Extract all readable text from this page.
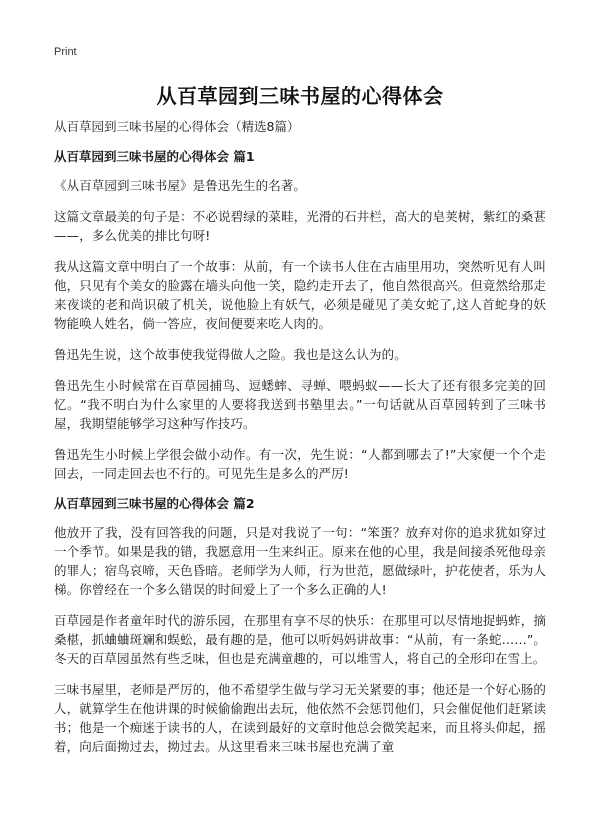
Print
从百草园到三味书屋的心得体会

从百草园到三味书屋的心得体会（精选8篇）

从百草园到三味书屋的心得体会 篇1

《从百草园到三味书屋》是鲁迅先生的名著。

这篇文章最美的句子是：不必说碧绿的菜畦，光滑的石井栏，高大的皂荚树，紫红的桑葚——，多么优美的排比句呀!

我从这篇文章中明白了一个故事：从前，有一个读书人住在古庙里用功，突然听见有人叫他，只见有个美女的脸露在墙头向他一笑，隐约走开去了，他自然很高兴。但竟然给那走来夜谈的老和尚识破了机关，说他脸上有妖气，必须是碰见了美女蛇了,这人首蛇身的妖物能唤人姓名，倘一答应，夜间便要来吃人肉的。

鲁迅先生说，这个故事使我觉得做人之险。我也是这么认为的。

鲁迅先生小时候常在百草园捕鸟、逗蟋蟀、寻蝉、喂蚂蚁——长大了还有很多完美的回忆。“我不明白为什么家里的人要将我送到书塾里去。”一句话就从百草园转到了三味书屋，我期望能够学习这种写作技巧。

鲁迅先生小时候上学很会做小动作。有一次，先生说：“人都到哪去了!”大家便一个个走回去，一同走回去也不行的。可见先生是多么的严厉!

从百草园到三味书屋的心得体会 篇2

他放开了我，没有回答我的问题，只是对我说了一句：“笨蛋？放弃对你的追求犹如穿过一个季节。如果是我的错，我愿意用一生来纠正。原来在他的心里，我是间接杀死他母亲的罪人；宿鸟哀啼，天色昏暗。老师学为人师，行为世范，愿做绿叶，护花使者，乐为人梯。你曾经在一个多么错误的时间爱上了一个多么正确的人!

百草园是作者童年时代的游乐园，在那里有享不尽的快乐：在那里可以尽情地捉蚂蚱，摘桑椹，抓蛐蛐斑斓和蜈蚣，最有趣的是，他可以听妈妈讲故事：“从前，有一条蛇……”。冬天的百草园虽然有些乏味，但也是充满童趣的，可以堆雪人，将自己的全形印在雪上。

三味书屋里，老师是严厉的，他不希望学生做与学习无关紧要的事；他还是一个好心肠的人，就算学生在他讲课的时候偷偷跑出去玩，他依然不会惩罚他们，只会催促他们赶紧读书；他是一个痴迷于读书的人，在读到最好的文章时他总会微笑起来，而且将头仰起，摇着，向后面拗过去，拗过去。从这里看来三味书屋也充满了童
